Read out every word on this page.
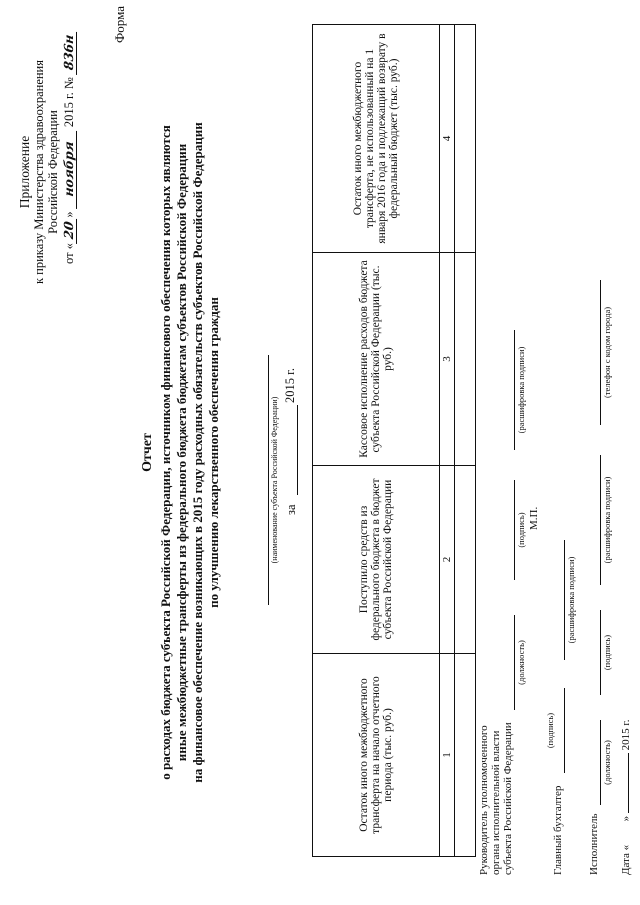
Приложение к приказу Министерства здравоохранения Российской Федерации
от «20» ноября 2015 г. № 836н
Форма
Отчет о расходах бюджета субъекта Российской Федерации, источником финансового обеспечения которых являются иные межбюджетные трансферты из федерального бюджета бюджетам субъектов Российской Федерации на финансовое обеспечение возникающих в 2015 году расходных обязательств субъектов Российской Федерации по улучшению лекарственного обеспечения граждан	(наименование субъекта Российской Федерации) за
2015 г.
Остаток иного межбюджетного трансферта на начало отчетного периода (тыс. руб.)	Поступило средств из федерального бюджета в бюджет субъекта Российской Федерации	Кассовое исполнение расходов бюджета субъекта Российской Федерации (тыс. руб.)	Остаток иного межбюджетного трансферта, не использованный на 1 января 2016 года и подлежащий возврату в федеральный бюджет (тыс. руб.)
1	2	3	4

Руководитель уполномоченного органа исполнительной власти субъекта Российской Федерации
(должность)
(подпись)
(расшифровка подписи)
М.П.
Главный бухгалтер
(подпись)
(расшифровка подписи)
Исполнитель
(должность)
(подпись)
(расшифровка подписи)
(телефон с кодом города)
Дата «  »  2015 г.
